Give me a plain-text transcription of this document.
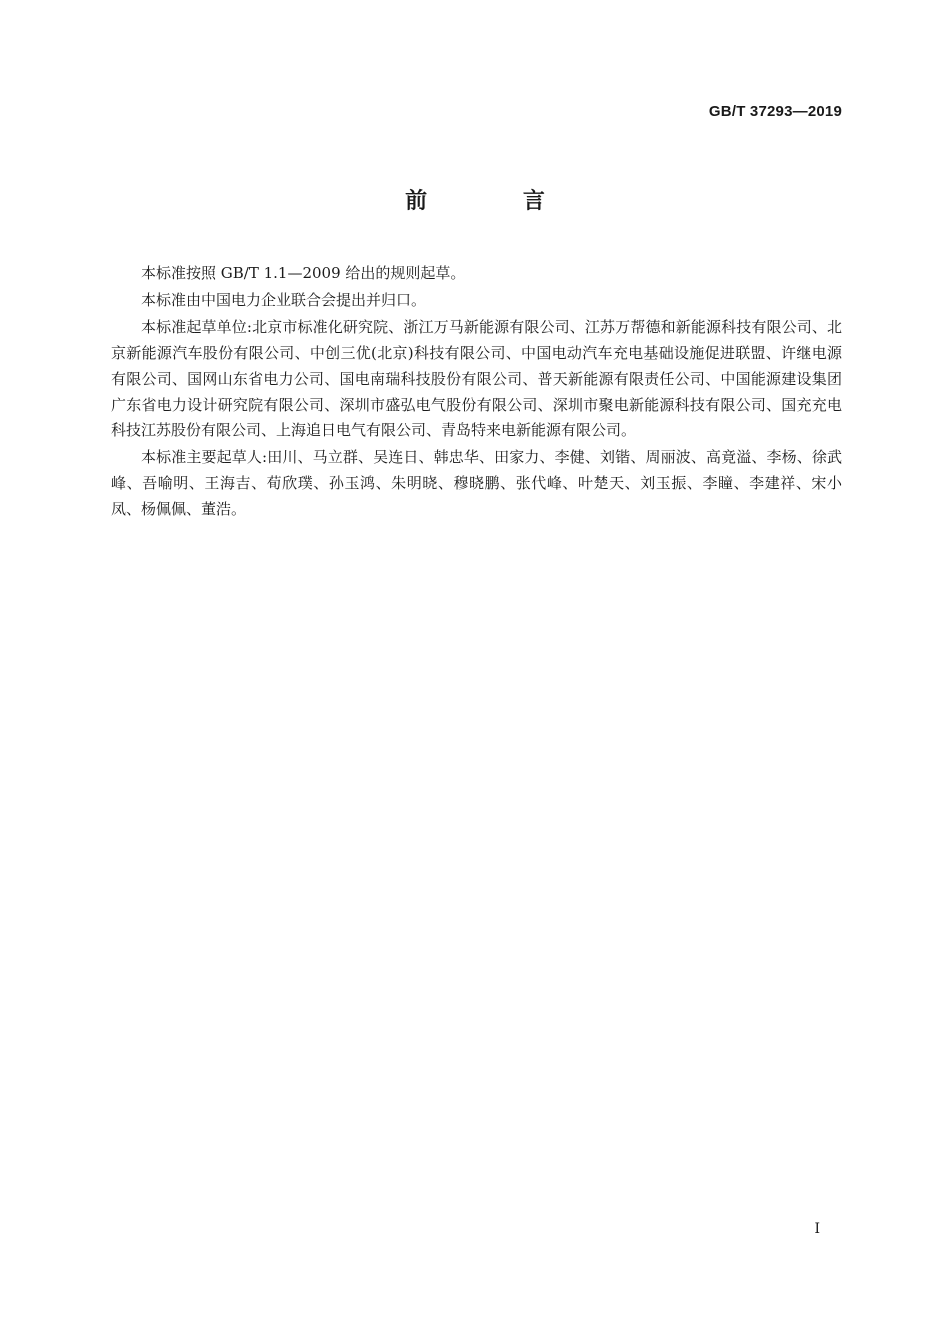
GB/T 37293—2019
前 言

本标准按照 GB/T 1.1—2009 给出的规则起草。

本标准由中国电力企业联合会提出并归口。

本标准起草单位:北京市标准化研究院、浙江万马新能源有限公司、江苏万帮德和新能源科技有限公司、北京新能源汽车股份有限公司、中创三优(北京)科技有限公司、中国电动汽车充电基础设施促进联盟、许继电源有限公司、国网山东省电力公司、国电南瑞科技股份有限公司、普天新能源有限责任公司、中国能源建设集团广东省电力设计研究院有限公司、深圳市盛弘电气股份有限公司、深圳市聚电新能源科技有限公司、国充充电科技江苏股份有限公司、上海追日电气有限公司、青岛特来电新能源有限公司。

本标准主要起草人:田川、马立群、吴连日、韩忠华、田家力、李健、刘锴、周丽波、高竟溢、李杨、徐武峰、吾喻明、王海吉、荀欣璞、孙玉鸿、朱明晓、穆晓鹏、张代峰、叶楚天、刘玉振、李瞳、李建祥、宋小凤、杨佩佩、董浩。

I
